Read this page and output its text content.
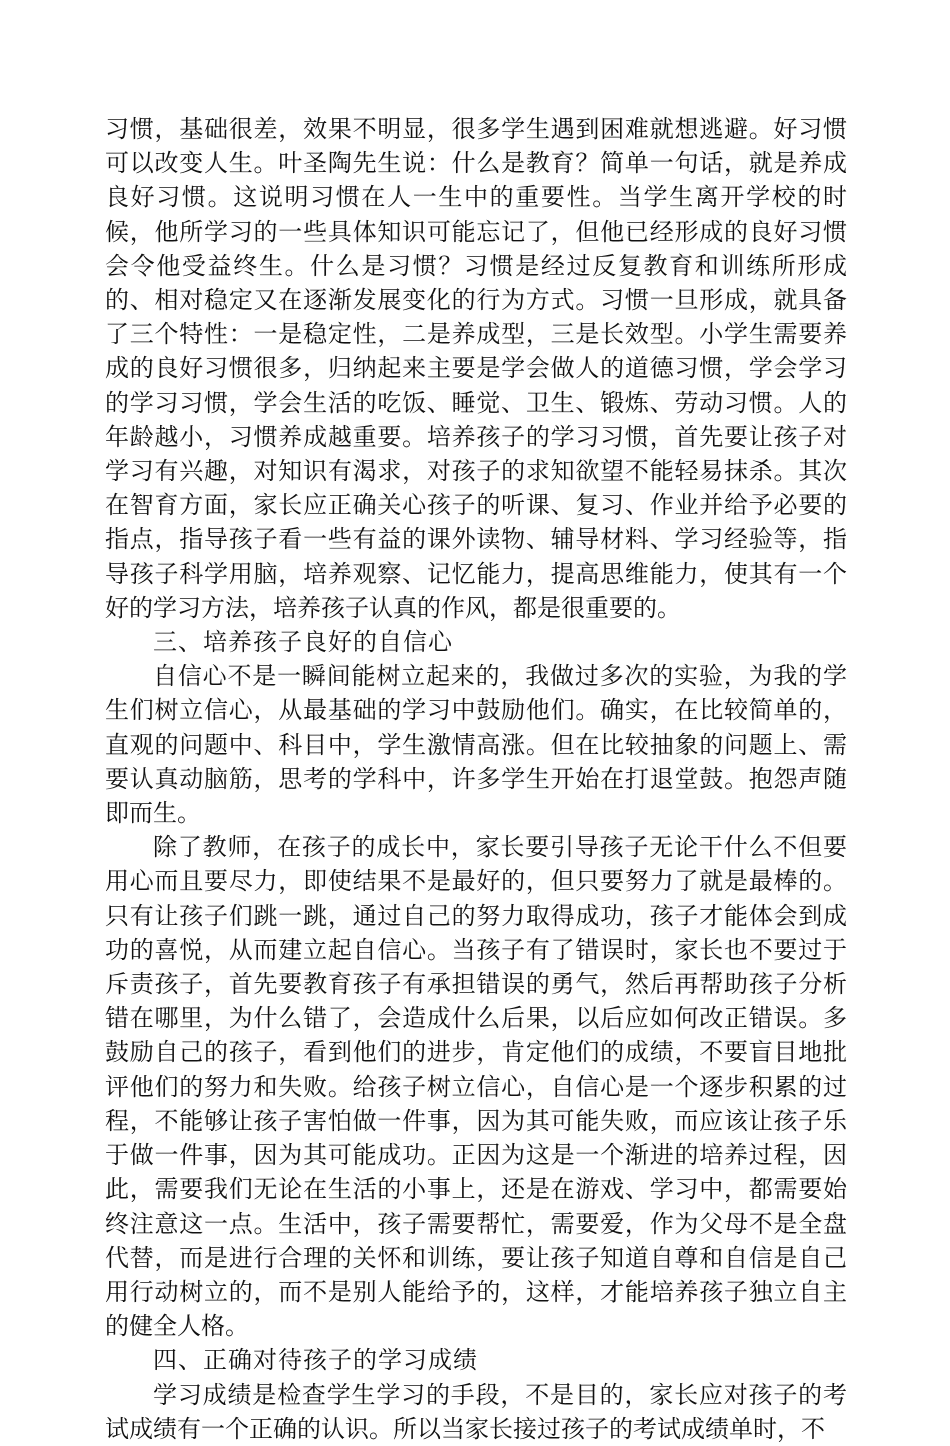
习惯，基础很差，效果不明显，很多学生遇到困难就想逃避。好习惯可以改变人生。叶圣陶先生说：什么是教育？简单一句话，就是养成良好习惯。这说明习惯在人一生中的重要性。当学生离开学校的时候，他所学习的一些具体知识可能忘记了，但他已经形成的良好习惯会令他受益终生。什么是习惯？习惯是经过反复教育和训练所形成的、相对稳定又在逐渐发展变化的行为方式。习惯一旦形成，就具备了三个特性：一是稳定性，二是养成型，三是长效型。小学生需要养成的良好习惯很多，归纳起来主要是学会做人的道德习惯，学会学习的学习习惯，学会生活的吃饭、睡觉、卫生、锻炼、劳动习惯。人的年龄越小，习惯养成越重要。培养孩子的学习习惯，首先要让孩子对学习有兴趣，对知识有渴求，对孩子的求知欲望不能轻易抹杀。其次在智育方面，家长应正确关心孩子的听课、复习、作业并给予必要的指点，指导孩子看一些有益的课外读物、辅导材料、学习经验等，指导孩子科学用脑，培养观察、记忆能力，提高思维能力，使其有一个好的学习方法，培养孩子认真的作风，都是很重要的。

三、培养孩子良好的自信心

自信心不是一瞬间能树立起来的，我做过多次的实验，为我的学生们树立信心，从最基础的学习中鼓励他们。确实，在比较简单的，直观的问题中、科目中，学生激情高涨。但在比较抽象的问题上、需要认真动脑筋，思考的学科中，许多学生开始在打退堂鼓。抱怨声随即而生。

除了教师，在孩子的成长中，家长要引导孩子无论干什么不但要用心而且要尽力，即使结果不是最好的，但只要努力了就是最棒的。只有让孩子们跳一跳，通过自己的努力取得成功，孩子才能体会到成功的喜悦，从而建立起自信心。当孩子有了错误时，家长也不要过于斥责孩子，首先要教育孩子有承担错误的勇气，然后再帮助孩子分析错在哪里，为什么错了，会造成什么后果，以后应如何改正错误。多鼓励自己的孩子，看到他们的进步，肯定他们的成绩，不要盲目地批评他们的努力和失败。给孩子树立信心，自信心是一个逐步积累的过程，不能够让孩子害怕做一件事，因为其可能失败，而应该让孩子乐于做一件事，因为其可能成功。正因为这是一个渐进的培养过程，因此，需要我们无论在生活的小事上，还是在游戏、学习中，都需要始终注意这一点。生活中，孩子需要帮忙，需要爱，作为父母不是全盘代替，而是进行合理的关怀和训练，要让孩子知道自尊和自信是自己用行动树立的，而不是别人能给予的，这样，才能培养孩子独立自主的健全人格。

四、正确对待孩子的学习成绩

学习成绩是检查学生学习的手段，不是目的，家长应对孩子的考试成绩有一个正确的认识。所以当家长接过孩子的考试成绩单时，不
